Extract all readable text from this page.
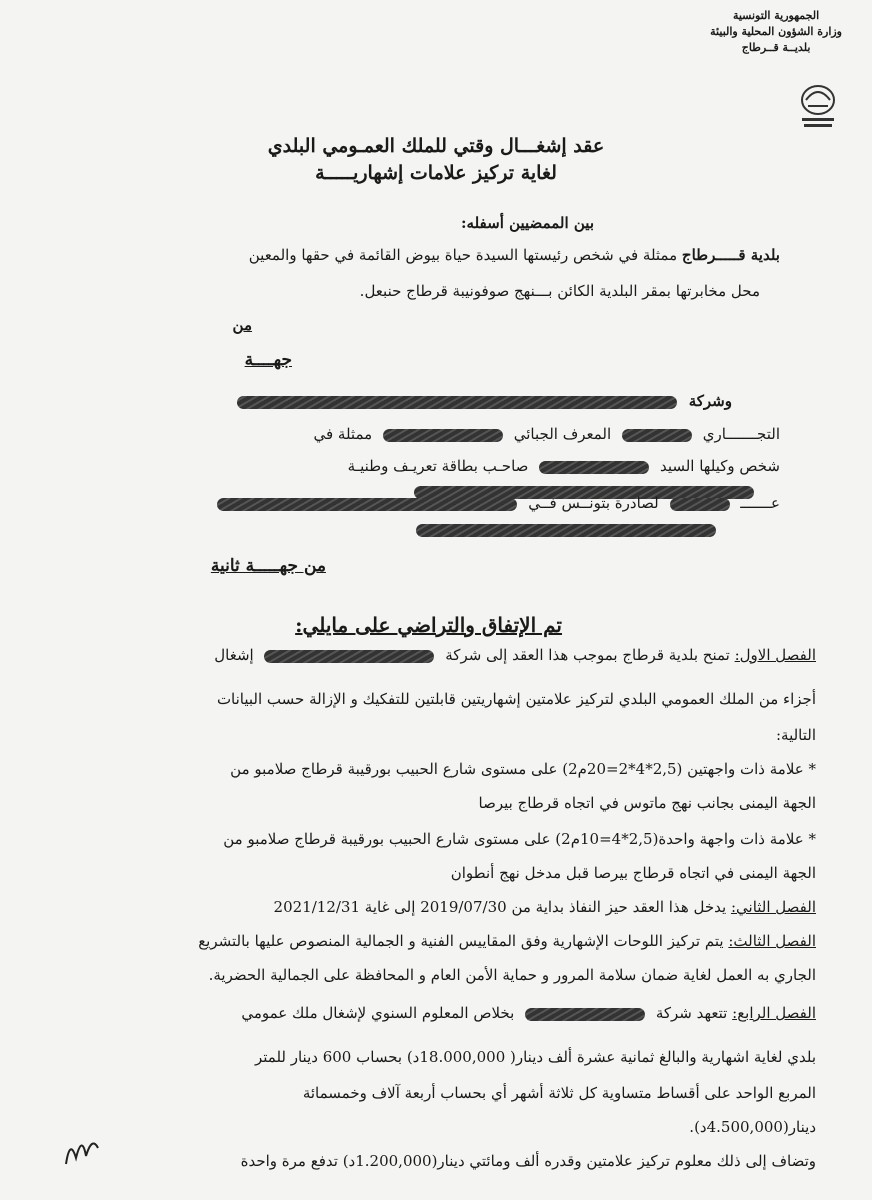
الجمهورية التونسية
وزارة الشؤون المحلية والبيئة
بلديــة قــرطاج
عقد إشغـــال وقتي للملك العمـومي البلدي
لغاية تركيز علامات إشهاريـــــة
بين الممضيين أسفله:
بلدية قـــــرطاج ممثلة في شخص رئيستها السيدة حياة بيوض القائمة في حقها والمعين
محل مخابرتها بمقر البلدية الكائن بـــنهج صوفونيبة قرطاج حنبعل.
من
جهــــة
وشركة
التجـــــــاري  المعرف الجبائي  ممثلة في
شخص وكيلها السيد  صاحـب بطاقة تعريـف وطنيـة
عـــــــ  لصادرة بتونــس فــي
من جهـــــة ثانية
تم الإتفاق والتراضي على مايلي:
الفصل الاول: تمنح بلدية قرطاج بموجب هذا العقد إلى شركة  إشغال
أجزاء من الملك العمومي البلدي لتركيز علامتين إشهاريتين قابلتين للتفكيك و الإزالة حسب البيانات
التالية:
* علامة ذات واجهتين (2,5*4*2=20م2) على مستوى شارع الحبيب بورقيبة قرطاج صلامبو من
الجهة اليمنى بجانب نهج ماتوس في اتجاه قرطاج بيرصا
* علامة ذات واجهة واحدة(2,5*4=10م2) على مستوى شارع الحبيب بورقيبة قرطاج صلامبو من
الجهة اليمنى في اتجاه قرطاج بيرصا قبل مدخل نهج أنطوان
الفصل الثاني: يدخل هذا العقد حيز النفاذ بداية من 2019/07/30 إلى غاية 2021/12/31
الفصل الثالث: يتم تركيز اللوحات الإشهارية وفق المقاييس الفنية و الجمالية المنصوص عليها بالتشريع
الجاري به العمل لغاية ضمان سلامة المرور و حماية الأمن العام و المحافظة على الجمالية الحضرية.
الفصل الرابع: تتعهد شركة  بخلاص المعلوم السنوي لإشغال ملك عمومي
بلدي لغاية اشهارية والبالغ ثمانية عشرة ألف دينار( 18.000,000د) بحساب 600 دينار للمتر
المربع الواحد على أقساط متساوية كل ثلاثة أشهر أي بحساب أربعة آلاف وخمسمائة
دينار(4.500,000د).
وتضاف إلى ذلك معلوم تركيز علامتين وقدره ألف ومائتي دينار(1.200,000د) تدفع مرة واحدة
